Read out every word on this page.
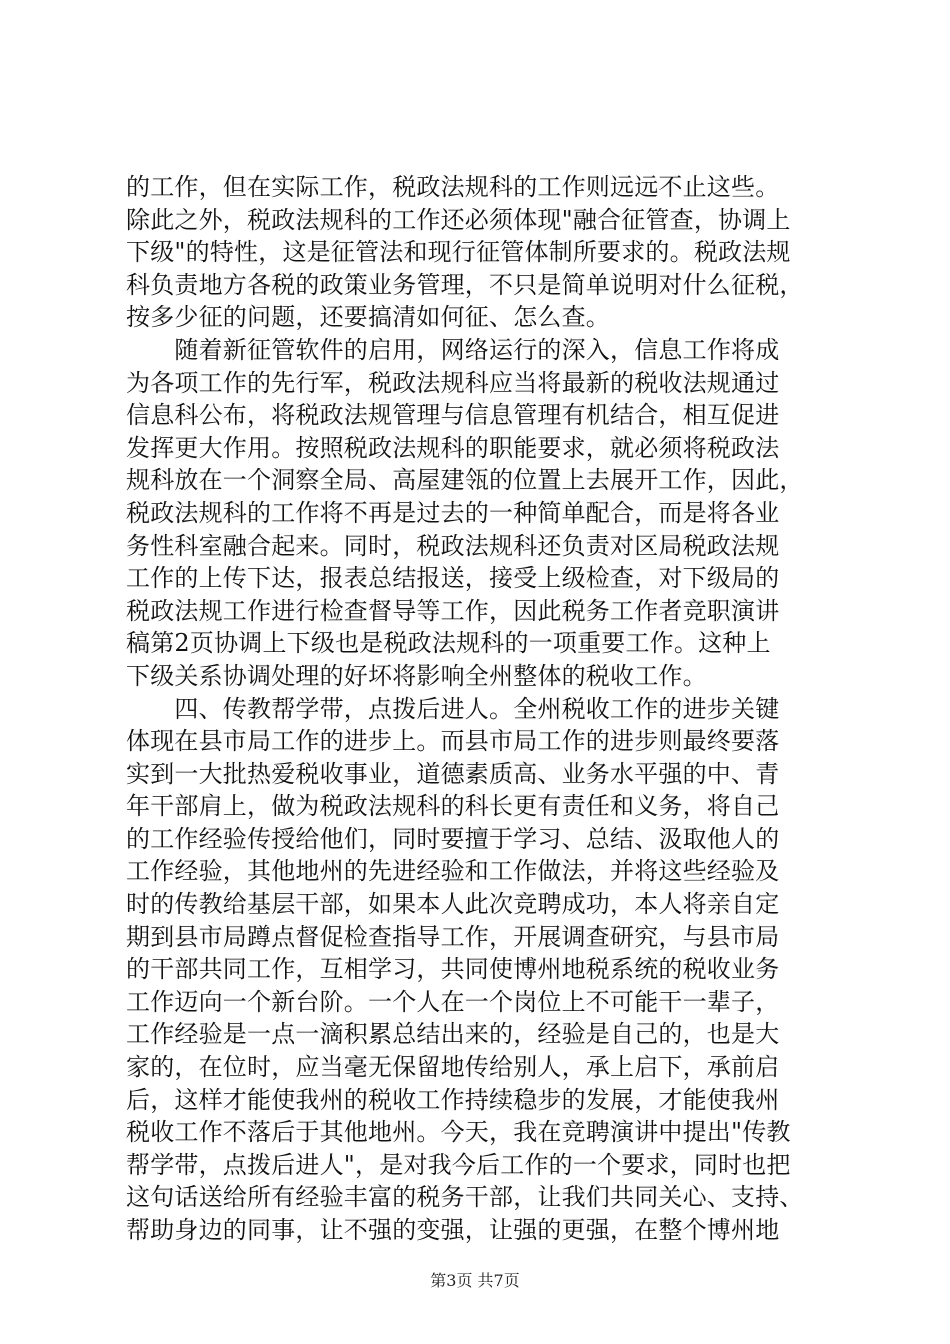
的工作，但在实际工作，税政法规科的工作则远远不止这些。
除此之外，税政法规科的工作还必须体现"融合征管查，协调上
下级"的特性，这是征管法和现行征管体制所要求的。税政法规
科负责地方各税的政策业务管理，不只是简单说明对什么征税，
按多少征的问题，还要搞清如何征、怎么查。
　　随着新征管软件的启用，网络运行的深入，信息工作将成
为各项工作的先行军，税政法规科应当将最新的税收法规通过
信息科公布，将税政法规管理与信息管理有机结合，相互促进
发挥更大作用。按照税政法规科的职能要求，就必须将税政法
规科放在一个洞察全局、高屋建瓴的位置上去展开工作，因此，
税政法规科的工作将不再是过去的一种简单配合，而是将各业
务性科室融合起来。同时，税政法规科还负责对区局税政法规
工作的上传下达，报表总结报送，接受上级检查，对下级局的
税政法规工作进行检查督导等工作，因此税务工作者竞职演讲
稿第2页协调上下级也是税政法规科的一项重要工作。这种上
下级关系协调处理的好坏将影响全州整体的税收工作。
　　四、传教帮学带，点拨后进人。全州税收工作的进步关键
体现在县市局工作的进步上。而县市局工作的进步则最终要落
实到一大批热爱税收事业，道德素质高、业务水平强的中、青
年干部肩上，做为税政法规科的科长更有责任和义务，将自己
的工作经验传授给他们，同时要擅于学习、总结、汲取他人的
工作经验，其他地州的先进经验和工作做法，并将这些经验及
时的传教给基层干部，如果本人此次竞聘成功，本人将亲自定
期到县市局蹲点督促检查指导工作，开展调查研究，与县市局
的干部共同工作，互相学习，共同使博州地税系统的税收业务
工作迈向一个新台阶。一个人在一个岗位上不可能干一辈子，
工作经验是一点一滴积累总结出来的，经验是自己的，也是大
家的，在位时，应当毫无保留地传给别人，承上启下，承前启
后，这样才能使我州的税收工作持续稳步的发展，才能使我州
税收工作不落后于其他地州。今天，我在竞聘演讲中提出"传教
帮学带，点拨后进人"，是对我今后工作的一个要求，同时也把
这句话送给所有经验丰富的税务干部，让我们共同关心、支持、
帮助身边的同事，让不强的变强，让强的更强，在整个博州地
第3页 共7页
